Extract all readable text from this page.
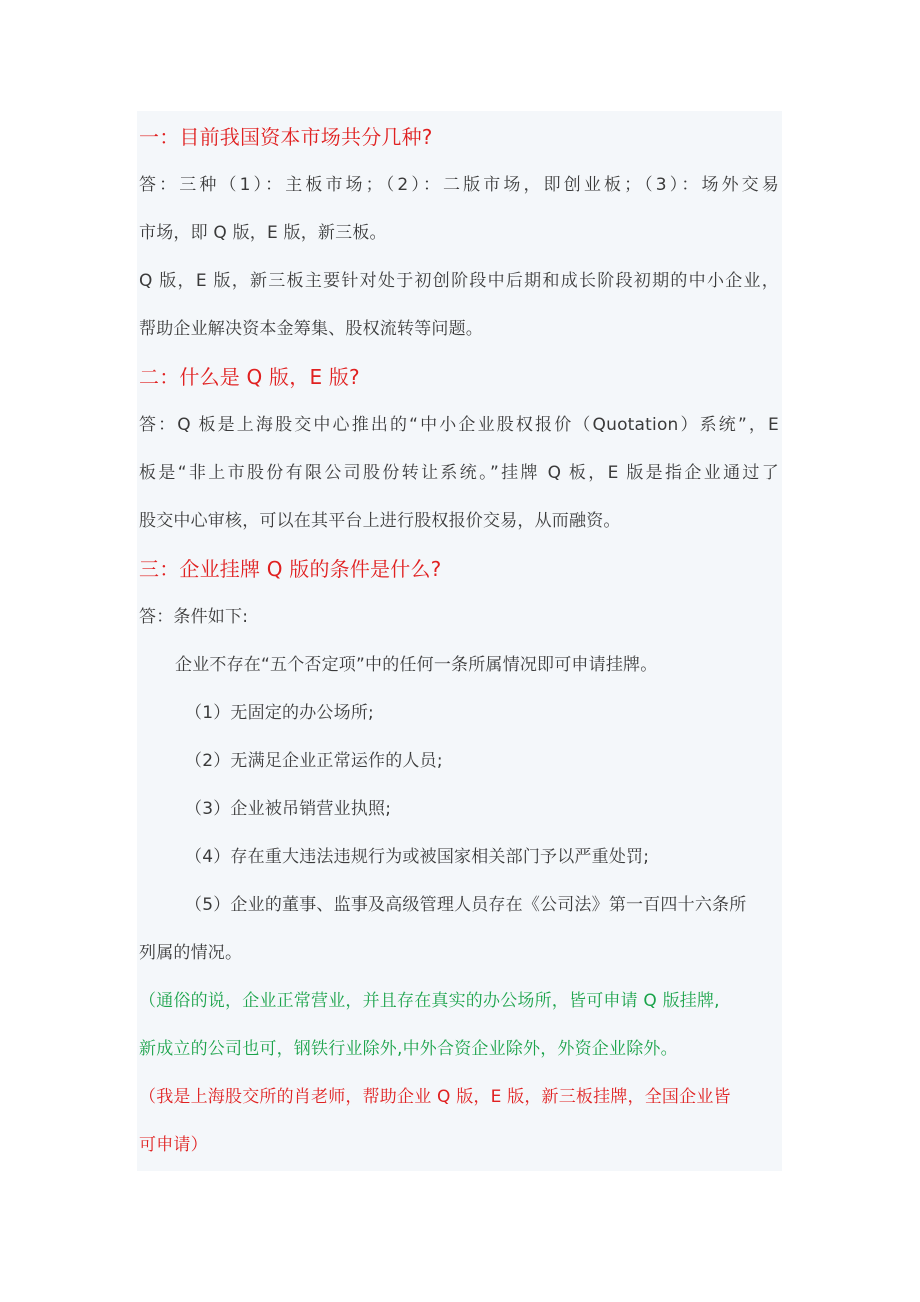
一：目前我国资本市场共分几种?
答：三种（1）：主板市场；（2）：二版市场，即创业板；（3）：场外交易
市场，即 Q 版，E 版，新三板。
Q 版，E 版，新三板主要针对处于初创阶段中后期和成长阶段初期的中小企业，
帮助企业解决资本金筹集、股权流转等问题。
二：什么是 Q 版，E 版?
答：Q 板是上海股交中心推出的“中小企业股权报价（Quotation）系统”，E
板是“非上市股份有限公司股份转让系统。”挂牌 Q 板，E 版是指企业通过了
股交中心审核，可以在其平台上进行股权报价交易，从而融资。
三：企业挂牌 Q 版的条件是什么?
答：条件如下:
企业不存在“五个否定项”中的任何一条所属情况即可申请挂牌。
（1）无固定的办公场所;
（2）无满足企业正常运作的人员;
（3）企业被吊销营业执照;
（4）存在重大违法违规行为或被国家相关部门予以严重处罚;
（5）企业的董事、监事及高级管理人员存在《公司法》第一百四十六条所
列属的情况。
（通俗的说，企业正常营业，并且存在真实的办公场所，皆可申请 Q 版挂牌,
新成立的公司也可，钢铁行业除外,中外合资企业除外，外资企业除外。
（我是上海股交所的肖老师，帮助企业 Q 版，E 版，新三板挂牌，全国企业皆
可申请）
